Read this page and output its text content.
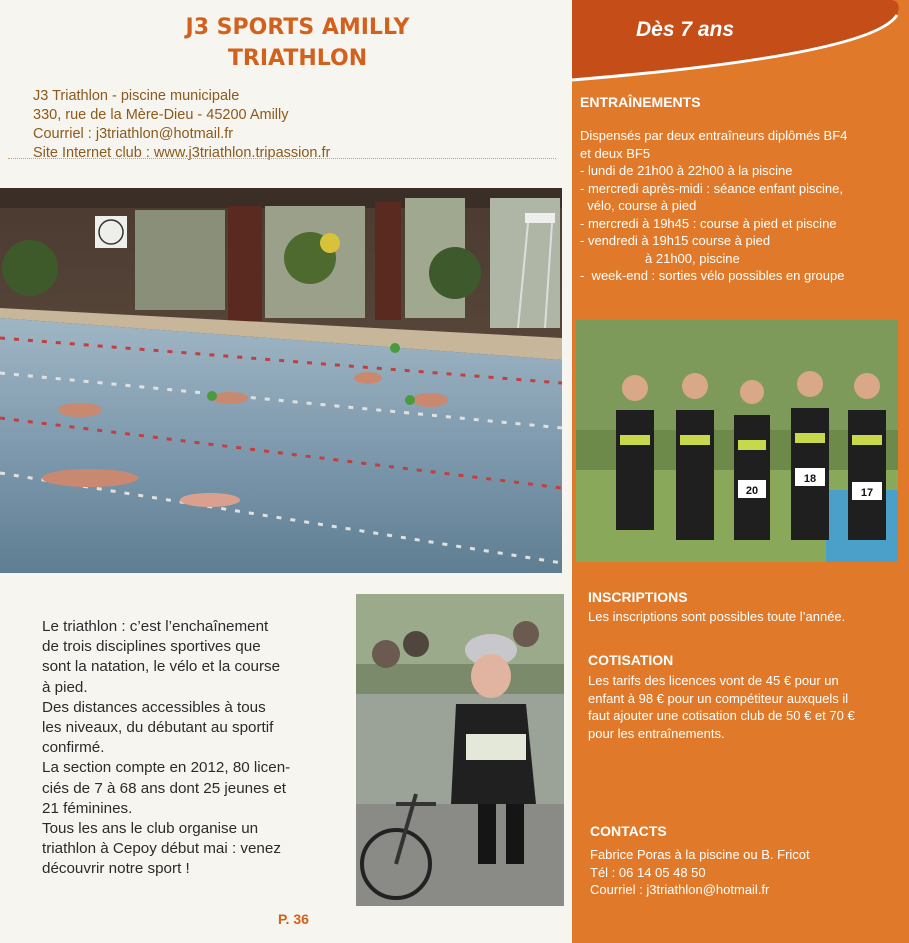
J3 SPORTS AMILLY
TRIATHLON
J3 Triathlon - piscine municipale
330, rue de la Mère-Dieu - 45200 Amilly
Courriel : j3triathlon@hotmail.fr
Site Internet club : www.j3triathlon.tripassion.fr

Le triathlon : c’est l’enchaînement

de trois disciplines sportives que

sont la natation, le vélo et la course

à pied.

Des distances accessibles à tous

les niveaux, du débutant au sportif

confirmé.

La section compte en 2012, 80 licen-

ciés de 7 à 68 ans dont 25 jeunes et

21 féminines.

Tous les ans le club organise un

triathlon à Cepoy début mai : venez

découvrir notre sport !

P. 36
Dès 7 ans
ENTRAÎNEMENTS
Dispensés par deux entraîneurs diplômés BF4
et deux BF5
- lundi de 21h00 à 22h00 à la piscine
- mercredi après-midi : séance enfant piscine,
vélo, course à pied
- mercredi à 19h45 : course à pied et piscine
- vendredi à 19h15 course à pied
à 21h00, piscine
-  week-end : sorties vélo possibles en groupe
20
18
17
INSCRIPTIONS
Les inscriptions sont possibles toute l’année.
COTISATION
Les tarifs des licences vont de 45 € pour un
enfant à 98 € pour un compétiteur auxquels il
faut ajouter une cotisation club de 50 € et 70 €
pour les entraînements.
CONTACTS
Fabrice Poras à la piscine ou B. Fricot
Tél : 06 14 05 48 50
Courriel : j3triathlon@hotmail.fr
